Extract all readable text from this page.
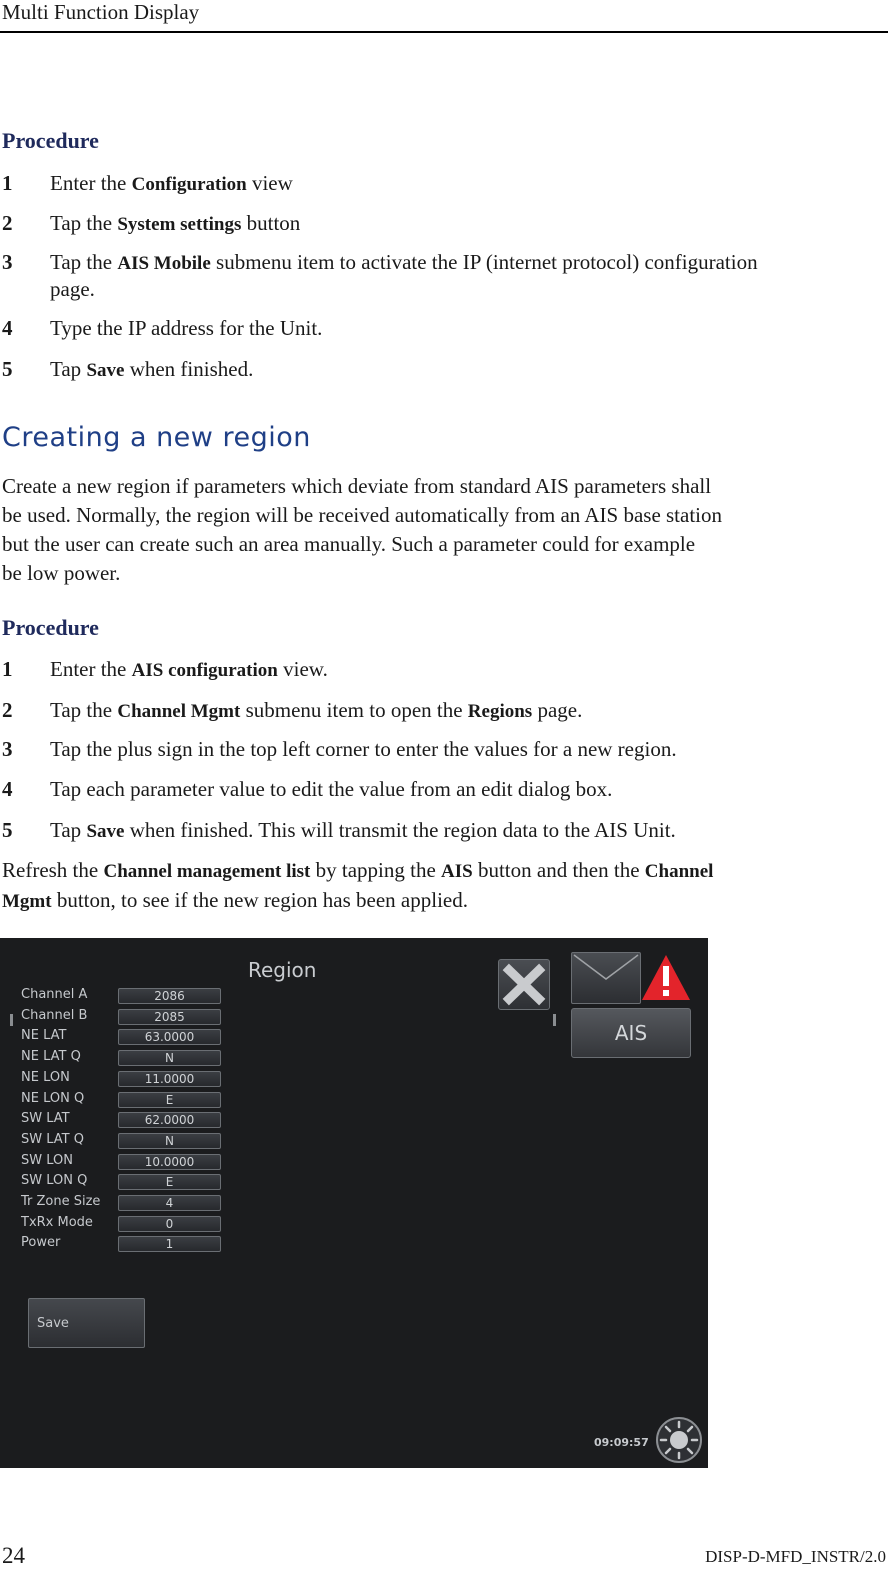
Multi Function Display
Procedure
1 Enter the Configuration view
2 Tap the System settings button
3 Tap the AIS Mobile submenu item to activate the IP (internet protocol) configuration
page.
4 Type the IP address for the Unit.
5 Tap Save when finished.
Creating a new region
Create a new region if parameters which deviate from standard AIS parameters shall
be used. Normally, the region will be received automatically from an AIS base station
but the user can create such an area manually. Such a parameter could for example
be low power.
Procedure
1 Enter the AIS configuration view.
2 Tap the Channel Mgmt submenu item to open the Regions page.
3 Tap the plus sign in the top left corner to enter the values for a new region.
4 Tap each parameter value to edit the value from an edit dialog box.
5 Tap Save when finished. This will transmit the region data to the AIS Unit.
Refresh the Channel management list by tapping the AIS button and then the Channel
Mgmt button, to see if the new region has been applied.
Region
Channel A	2086
Channel B	2085
NE LAT	63.0000
NE LAT Q	N
NE LON	11.0000
NE LON Q	E
SW LAT	62.0000
SW LAT Q	N
SW LON	10.0000
SW LON Q	E
Tr Zone Size	4
TxRx Mode	0
Power	1
AIS
Save
09:09:57
24	DISP-D-MFD_INSTR/2.0
